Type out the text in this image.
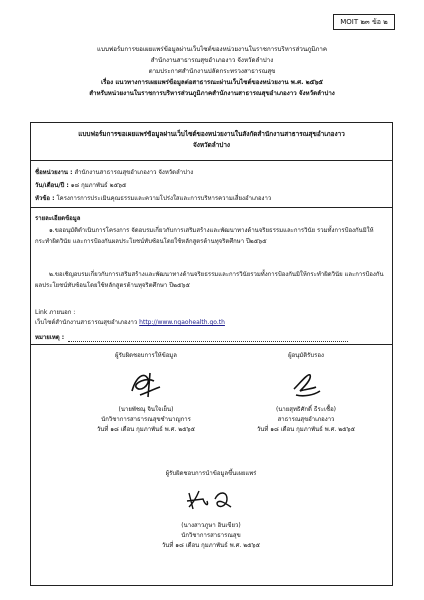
MOIT ๒๓ ข้อ ๒
แบบฟอร์มการขอเผยแพร่ข้อมูลผ่านเว็บไซต์ของหน่วยงานในราชการบริหารส่วนภูมิภาค
สำนักงานสาธารณสุขอำเภองาว จังหวัดลำปาง
ตามประกาศสำนักงานปลัดกระทรวงสาธารณสุข
เรื่อง แนวทางการเผยแพร่ข้อมูลต่อสาธารณะผ่านเว็บไซต์ของหน่วยงาน พ.ศ. ๒๕๖๕
สำหรับหน่วยงานในราชการบริหารส่วนภูมิภาคสำนักงานสาธารณสุขอำเภองาว จังหวัดลำปาง
แบบฟอร์มการขอเผยแพร่ข้อมูลผ่านเว็บไซต์ของหน่วยงานในสังกัดสำนักงานสาธารณสุขอำเภองาว
จังหวัดลำปาง
ชื่อหน่วยงาน : สำนักงานสาธารณสุขอำเภองาว จังหวัดลำปาง
วัน/เดือน/ปี : ๑๘ กุมภาพันธ์ ๒๕๖๕
หัวข้อ : โครงการการประเมินคุณธรรมและความโปร่งใสและการบริหารความเสี่ยงอำเภองาว
รายละเอียดข้อมูล
๑.ขออนุมัติดำเนินการโครงการ จัดอบรมเกี่ยวกับการเสริมสร้างและพัฒนาทางด้านจริยธรรมและการวินัย รวมทั้งการป้องกันมิให้กระทำผิดวินัย และการป้องกันผลประโยชน์ทับซ้อนโดยใช้หลักสูตรต้านทุจริตศึกษา ปี๒๕๖๕
๒.ขอเชิญอบรมเกี่ยวกับการเสริมสร้างและพัฒนาทางด้านจริยธรรมและการวินัยรวมทั้งการป้องกันมิให้กระทำผิดวินัย และการป้องกันผลประโยชน์ทับซ้อนโดยใช้หลักสูตรต้านทุจริตศึกษา ปี๒๕๖๕
Link ภายนอก :
เว็บไซต์สำนักงานสาธารณสุขอำเภองาว http://www.ngaohealth.go.th
หมายเหตุ :
ผู้รับผิดชอบการให้ข้อมูล
(นายพัชณุ จินใจเย็น)
นักวิชาการสาธารณสุขชำนาญการ
วันที่ ๑๘ เดือน กุมภาพันธ์ พ.ศ. ๒๕๖๕
ผู้อนุมัติรับรอง
(นายสุทธิศักดิ์ ธีระเชื้อ)
สาธารณสุขอำเภองาว
วันที่ ๑๘ เดือน กุมภาพันธ์ พ.ศ. ๒๕๖๕
ผู้รับผิดชอบการนำข้อมูลขึ้นเผยแพร่
(นางสาวภูษา อินเขียว)
นักวิชาการสาธารณสุข
วันที่ ๑๘ เดือน กุมภาพันธ์ พ.ศ. ๒๕๖๕
